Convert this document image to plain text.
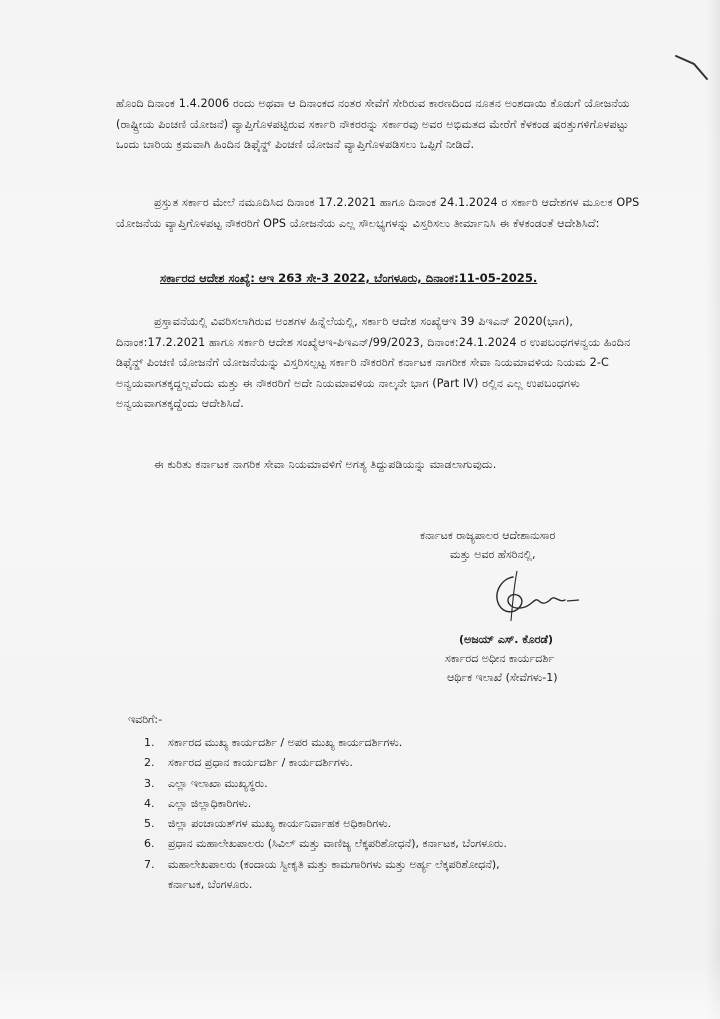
ಹೊಂದಿ ದಿನಾಂಕ 1.4.2006 ರಂದು ಅಥವಾ ಆ ದಿನಾಂಕದ ನಂತರ ಸೇವೆಗೆ ಸೇರಿರುವ ಕಾರಣದಿಂದ ನೂತನ ಅಂಶದಾಯಿ ಕೊಡುಗೆ ಯೋಜನೆಯ (ರಾಷ್ಟ್ರೀಯ ಪಿಂಚಣಿ ಯೋಜನೆ) ವ್ಯಾಪ್ತಿಗೊಳಪಟ್ಟಿರುವ ಸರ್ಕಾರಿ ನೌಕರರನ್ನು ಸರ್ಕಾರವು ಅವರ ಅಭಿಮತದ ಮೇರೆಗೆ ಕೆಳಕಂಡ ಷರತ್ತುಗಳಿಗೊಳಪಟ್ಟು ಒಂದು ಬಾರಿಯ ಕ್ರಮವಾಗಿ ಹಿಂದಿನ ಡಿಫೈನ್ಡ್ ಪಿಂಚಣಿ ಯೋಜನೆ ವ್ಯಾಪ್ತಿಗೊಳಪಡಿಸಲು ಒಪ್ಪಿಗೆ ನೀಡಿದೆ.
ಪ್ರಸ್ತುತ ಸರ್ಕಾರ ಮೇಲೆ ನಮೂದಿಸಿದ ದಿನಾಂಕ 17.2.2021 ಹಾಗೂ ದಿನಾಂಕ 24.1.2024 ರ ಸರ್ಕಾರಿ ಆದೇಶಗಳ ಮೂಲಕ OPS ಯೋಜನೆಯ ವ್ಯಾಪ್ತಿಗೊಳಪಟ್ಟ ನೌಕರರಿಗೆ OPS ಯೋಜನೆಯ ಎಲ್ಲ ಸೌಲಭ್ಯಗಳನ್ನು ವಿಸ್ತರಿಸಲು ತೀರ್ಮಾನಿಸಿ ಈ ಕೆಳಕಂಡಂತೆ ಆದೇಶಿಸಿದೆ:
ಸರ್ಕಾರದ ಆದೇಶ ಸಂಖ್ಯೆ: ಆಇ 263 ಸೇ-3 2022, ಬೆಂಗಳೂರು, ದಿನಾಂಕ:11-05-2025.
ಪ್ರಸ್ತಾವನೆಯಲ್ಲಿ ವಿವರಿಸಲಾಗಿರುವ ಅಂಶಗಳ ಹಿನ್ನೆಲೆಯಲ್ಲಿ, ಸರ್ಕಾರಿ ಆದೇಶ ಸಂಖ್ಯೆಆಇ 39 ಪಿಇಎನ್ 2020(ಭಾಗ), ದಿನಾಂಕ:17.2.2021 ಹಾಗೂ ಸರ್ಕಾರಿ ಆದೇಶ ಸಂಖ್ಯೆಆಇ-ಪಿಇಎನ್/99/2023, ದಿನಾಂಕ:24.1.2024 ರ ಉಪಬಂಧಗಳನ್ವಯ ಹಿಂದಿನ ಡಿಫೈನ್ಡ್ ಪಿಂಚಣಿ ಯೋಜನೆಗೆ ಯೋಜನೆಯನ್ನು ವಿಸ್ತರಿಸಲ್ಪಟ್ಟ ಸರ್ಕಾರಿ ನೌಕರರಿಗೆ ಕರ್ನಾಟಕ ನಾಗರೀಕ ಸೇವಾ ನಿಯಮಾವಳಿಯ ನಿಯಮ 2-C ಅನ್ವಯವಾಗತಕ್ಕದ್ದಲ್ಲವೆಂದು ಮತ್ತು ಈ ನೌಕರರಿಗೆ ಅದೇ ನಿಯಮಾವಳಿಯ ನಾಲ್ಕನೇ ಭಾಗ (Part IV) ರಲ್ಲಿನ ಎಲ್ಲ ಉಪಬಂಧಗಳು ಅನ್ವಯವಾಗತಕ್ಕದ್ದೆಂದು ಆದೇಶಿಸಿದೆ.
ಈ ಕುರಿತು ಕರ್ನಾಟಕ ನಾಗರಿಕ ಸೇವಾ ನಿಯಮಾವಳಿಗೆ ಅಗತ್ಯ ತಿದ್ದುಪಡಿಯನ್ನು ಮಾಡಲಾಗುವುದು.
ಕರ್ನಾಟಕ ರಾಜ್ಯಪಾಲರ ಆದೇಶಾನುಸಾರ
ಮತ್ತು ಅವರ ಹೆಸರಿನಲ್ಲಿ,
(ಅಜಯ್ ಎಸ್. ಕೊರಡೆ)
ಸರ್ಕಾರದ ಅಧೀನ ಕಾರ್ಯದರ್ಶಿ
ಆರ್ಥಿಕ ಇಲಾಖೆ (ಸೇವೆಗಳು-1)
ಇವರಿಗೆ:-
1. ಸರ್ಕಾರದ ಮುಖ್ಯ ಕಾರ್ಯದರ್ಶಿ / ಅಪರ ಮುಖ್ಯ ಕಾರ್ಯದರ್ಶಿಗಳು.
2. ಸರ್ಕಾರದ ಪ್ರಧಾನ ಕಾರ್ಯದರ್ಶಿ / ಕಾರ್ಯದರ್ಶಿಗಳು.
3. ಎಲ್ಲಾ ಇಲಾಖಾ ಮುಖ್ಯಸ್ಥರು.
4. ಎಲ್ಲಾ ಜಿಲ್ಲಾಧಿಕಾರಿಗಳು.
5. ಜಿಲ್ಲಾ ಪಂಚಾಯತ್‌ಗಳ ಮುಖ್ಯ ಕಾರ್ಯನಿರ್ವಾಹಕ ಅಧಿಕಾರಿಗಳು.
6. ಪ್ರಧಾನ ಮಹಾಲೇಖಪಾಲರು (ಸಿವಿಲ್ ಮತ್ತು ವಾಣಿಜ್ಯ ಲೆಕ್ಕಪರಿಶೋಧನೆ), ಕರ್ನಾಟಕ, ಬೆಂಗಳೂರು.
7. ಮಹಾಲೇಖಪಾಲರು (ಕಂದಾಯ ಸ್ವೀಕೃತಿ ಮತ್ತು ಕಾಮಗಾರಿಗಳು ಮತ್ತು ಅರ್ಹ್ಯ ಲೆಕ್ಕಪರಿಶೋಧನೆ),
ಕರ್ನಾಟಕ, ಬೆಂಗಳೂರು.
